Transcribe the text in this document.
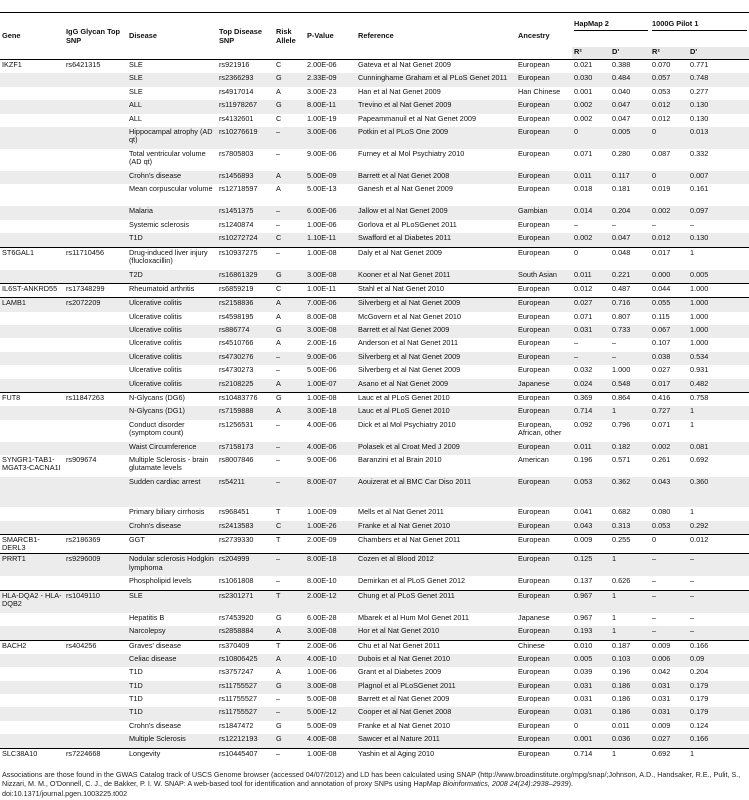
Gene	IgG Glycan Top SNP	Disease	Top Disease SNP	Risk Allele	P-Value	Reference	Ancestry	HapMap 2		1000G Pilot 1	

								R²	D'	R²	D'
IKZF1	rs6421315	SLE	rs921916	C	2.00E-06	Gateva et al Nat Genet 2009	European	0.021	0.388	0.070	0.771
		SLE	rs2366293	G	2.33E-09	Cunninghame Graham et al PLoS Genet 2011	European	0.030	0.484	0.057	0.748
		SLE	rs4917014	A	3.00E-23	Han et al Nat Genet 2009	Han Chinese	0.001	0.040	0.053	0.277
		ALL	rs11978267	G	8.00E-11	Trevino et al Nat Genet 2009	European	0.002	0.047	0.012	0.130
		ALL	rs4132601	C	1.00E-19	Papeammanuil et al Nat Genet 2009	European	0.002	0.047	0.012	0.130
		Hippocampal atrophy (AD qt)	rs10276619	–	3.00E-06	Potkin et al PLoS One 2009	European	0	0.005	0	0.013
		Total ventricular volume (AD qt)	rs7805803	–	9.00E-06	Furney et al Mol Psychiatry 2010	European	0.071	0.280	0.087	0.332
		Crohn's disease	rs1456893	A	5.00E-09	Barrett et al Nat Genet 2008	European	0.011	0.117	0	0.007
		Mean corpuscular volume	rs12718597	A	5.00E-13	Ganesh et al Nat Genet 2009	European	0.018	0.181	0.019	0.161
		Malaria	rs1451375	–	6.00E-06	Jallow et al Nat Genet 2009	Gambian	0.014	0.204	0.002	0.097
		Systemic sclerosis	rs1240874	–	1.00E-06	Gorlova et al PLoSGenet 2011	European	–	–	–	–
		T1D	rs10272724	C	1.10E-11	Swafford et al Diabetes 2011	European	0.002	0.047	0.012	0.130
ST6GAL1	rs11710456	Drug-induced liver injury (flucloxacillin)	rs10937275	–	1.00E-08	Daly et al Nat Genet 2009	European	0	0.048	0.017	1
		T2D	rs16861329	G	3.00E-08	Kooner et al Nat Genet 2011	South Asian	0.011	0.221	0.000	0.005
IL6ST-ANKRD55	rs17348299	Rheumatoid arthritis	rs6859219	C	1.00E-11	Stahl et al Nat Genet 2010	European	0.012	0.487	0.044	1.000
LAMB1	rs2072209	Ulcerative colitis	rs2158836	A	7.00E-06	Silverberg et al Nat Genet 2009	European	0.027	0.716	0.055	1.000
		Ulcerative colitis	rs4598195	A	8.00E-08	McGovern et al Nat Genet 2010	European	0.071	0.807	0.115	1.000
		Ulcerative colitis	rs886774	G	3.00E-08	Barrett et al Nat Genet 2009	European	0.031	0.733	0.067	1.000
		Ulcerative colitis	rs4510766	A	2.00E-16	Anderson et al Nat Genet 2011	European	–	–	0.107	1.000
		Ulcerative colitis	rs4730276	–	9.00E-06	Silverberg et al Nat Genet 2009	European	–	–	0.038	0.534
		Ulcerative colitis	rs4730273	–	5.00E-06	Silverberg et al Nat Genet 2009	European	0.032	1.000	0.027	0.931
		Ulcerative colitis	rs2108225	A	1.00E-07	Asano et al Nat Genet 2009	Japanese	0.024	0.548	0.017	0.482
FUT8	rs11847263	N-Glycans (DG6)	rs10483776	G	1.00E-08	Lauc et al PLoS Genet 2010	European	0.369	0.864	0.416	0.758
		N-Glycans (DG1)	rs7159888	A	3.00E-18	Lauc et al PLoS Genet 2010	European	0.714	1	0.727	1
		Conduct disorder (symptom count)	rs1256531	–	4.00E-06	Dick et al Mol Psychiatry 2010	European, African, other	0.092	0.796	0.071	1
		Waist Circumference	rs7158173	–	4.00E-06	Polasek et al Croat Med J 2009	European	0.011	0.182	0.002	0.081
SYNGR1-TAB1-MGAT3-CACNA1I	rs909674	Multiple Sclerosis - brain glutamate levels	rs8007846	–	9.00E-06	Baranzini et al Brain 2010	American	0.196	0.571	0.261	0.692
		Sudden cardiac arrest	rs54211	–	8.00E-07	Aouizerat et al BMC Car Diso 2011	European	0.053	0.362	0.043	0.360
		Primary biliary cirrhosis	rs968451	T	1.00E-09	Mells et al Nat Genet 2011	European	0.041	0.682	0.080	1
		Crohn's disease	rs2413583	C	1.00E-26	Franke et al Nat Genet 2010	European	0.043	0.313	0.053	0.292
SMARCB1-DERL3	rs2186369	GGT	rs2739330	T	2.00E-09	Chambers et al Nat Genet 2011	European	0.009	0.255	0	0.012
PRRT1	rs9296009	Nodular sclerosis Hodgkin lymphoma	rs204999	–	8.00E-18	Cozen et al Blood 2012	European	0.125	1	–	–
		Phospholipid levels	rs1061808	–	8.00E-10	Demirkan et al PLoS Genet 2012	European	0.137	0.626	–	–
HLA-DQA2 - HLA-DQB2	rs1049110	SLE	rs2301271	T	2.00E-12	Chung et al PLoS Genet 2011	European	0.967	1	–	–
		Hepatitis B	rs7453920	G	6.00E-28	Mbarek et al Hum Mol Genet 2011	Japanese	0.967	1	–	–
		Narcolepsy	rs2858884	A	3.00E-08	Hor et al Nat Genet 2010	European	0.193	1	–	–
BACH2	rs404256	Graves' disease	rs370409	T	2.00E-06	Chu et al Nat Genet 2011	Chinese	0.010	0.187	0.009	0.166
		Celiac disease	rs10806425	A	4.00E-10	Dubois et al Nat Genet 2010	European	0.005	0.103	0.006	0.09
		T1D	rs3757247	A	1.00E-06	Grant et al Diabetes 2009	European	0.039	0.196	0.042	0.204
		T1D	rs11755527	G	3.00E-08	Plagnol et al PLoSGenet 2011	European	0.031	0.186	0.031	0.179
		T1D	rs11755527	–	5.00E-08	Barrett et al Nat Genet 2009	European	0.031	0.186	0.031	0.179
		T1D	rs11755527	–	5.00E-12	Cooper et al Nat Genet 2008	European	0.031	0.186	0.031	0.179
		Crohn's disease	rs1847472	G	5.00E-09	Franke et al Nat Genet 2010	European	0	0.011	0.009	0.124
		Multiple Sclerosis	rs12212193	G	4.00E-08	Sawcer et al Nature 2011	European	0.001	0.036	0.027	0.166
SLC38A10	rs7224668	Longevity	rs10445407	–	1.00E-08	Yashin et al Aging 2010	European	0.714	1	0.692	1
Associations are those found in the GWAS Catalog track of USCS Genome browser (accessed 04/07/2012) and LD has been calculated using SNAP (http://www.broadinstitute.org/mpg/snap/;Johnson, A.D., Handsaker, R.E., Pulit, S., Nizzari, M. M., O'Donnell, C. J., de Bakker, P. I. W. SNAP: A web-based tool for identification and annotation of proxy SNPs using HapMap Bioinformatics, 2008 24(24):2938–2939).
doi:10.1371/journal.pgen.1003225.t002
